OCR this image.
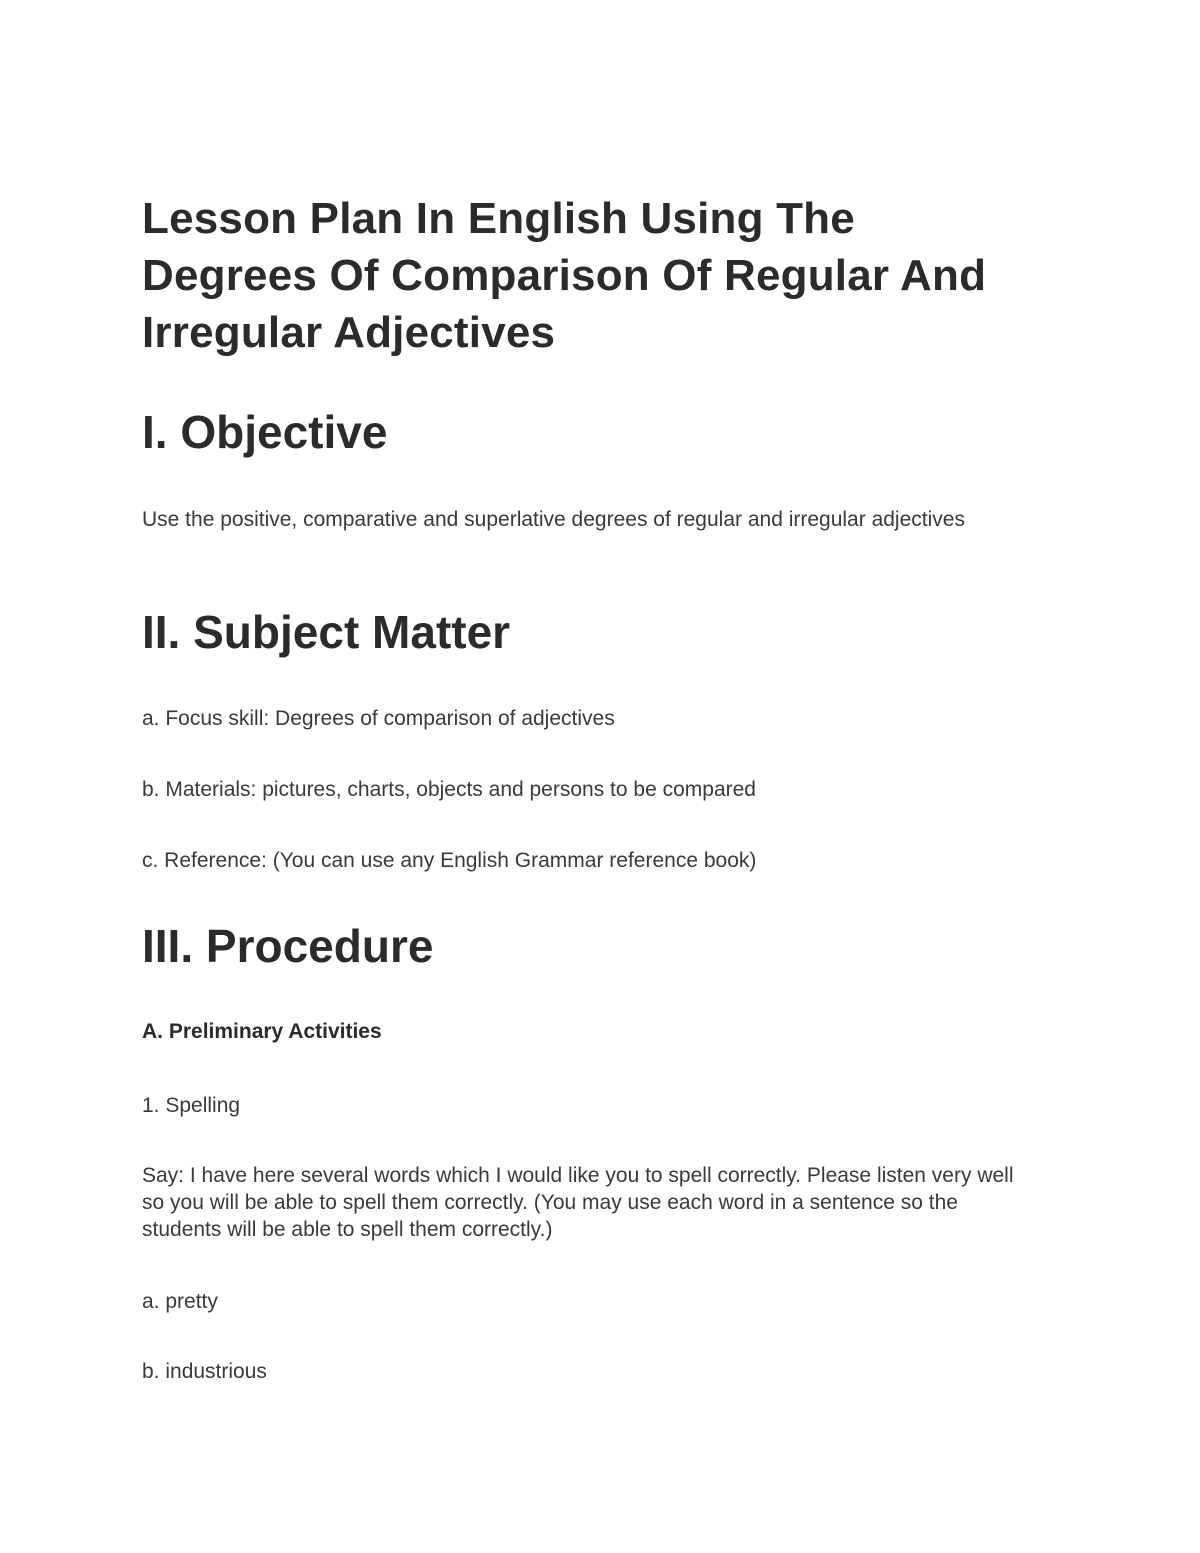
Lesson Plan In English Using The Degrees Of Comparison Of Regular And Irregular Adjectives
I. Objective

Use the positive, comparative and superlative degrees of regular and irregular adjectives

II. Subject Matter

a. Focus skill: Degrees of comparison of adjectives

b. Materials: pictures, charts, objects and persons to be compared

c. Reference: (You can use any English Grammar reference book)

III. Procedure
A. Preliminary Activities

1. Spelling

Say: I have here several words which I would like you to spell correctly. Please listen very well so you will be able to spell them correctly. (You may use each word in a sentence so the students will be able to spell them correctly.)

a. pretty

b. industrious
